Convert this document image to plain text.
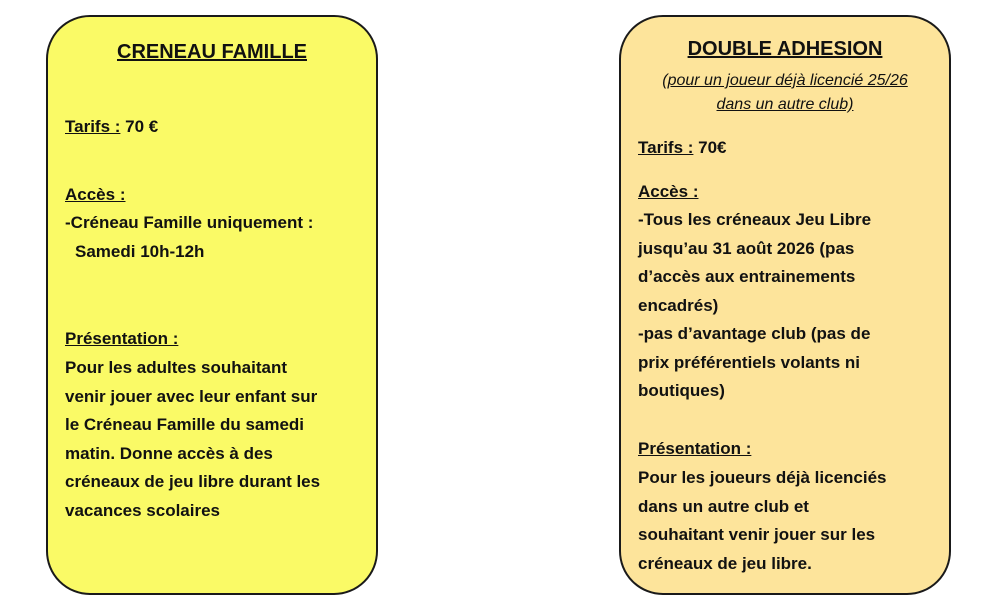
CRENEAU FAMILLE
Tarifs : 70 €
Accès :
-Créneau Famille uniquement :
Samedi 10h-12h
Présentation :
Pour les adultes souhaitant
venir jouer avec leur enfant sur
le Créneau Famille du samedi
matin. Donne accès à des
créneaux de jeu libre durant les
vacances scolaires
DOUBLE ADHESION
(pour un joueur déjà licencié 25/26
dans un autre club)
Tarifs : 70€
Accès :
-Tous les créneaux Jeu Libre
jusqu’au 31 août 2026 (pas
d’accès aux entrainements
encadrés)
-pas d’avantage club (pas de
prix préférentiels volants ni
boutiques)
Présentation :
Pour les joueurs déjà licenciés
dans un autre club et
souhaitant venir jouer sur les
créneaux de jeu libre.
